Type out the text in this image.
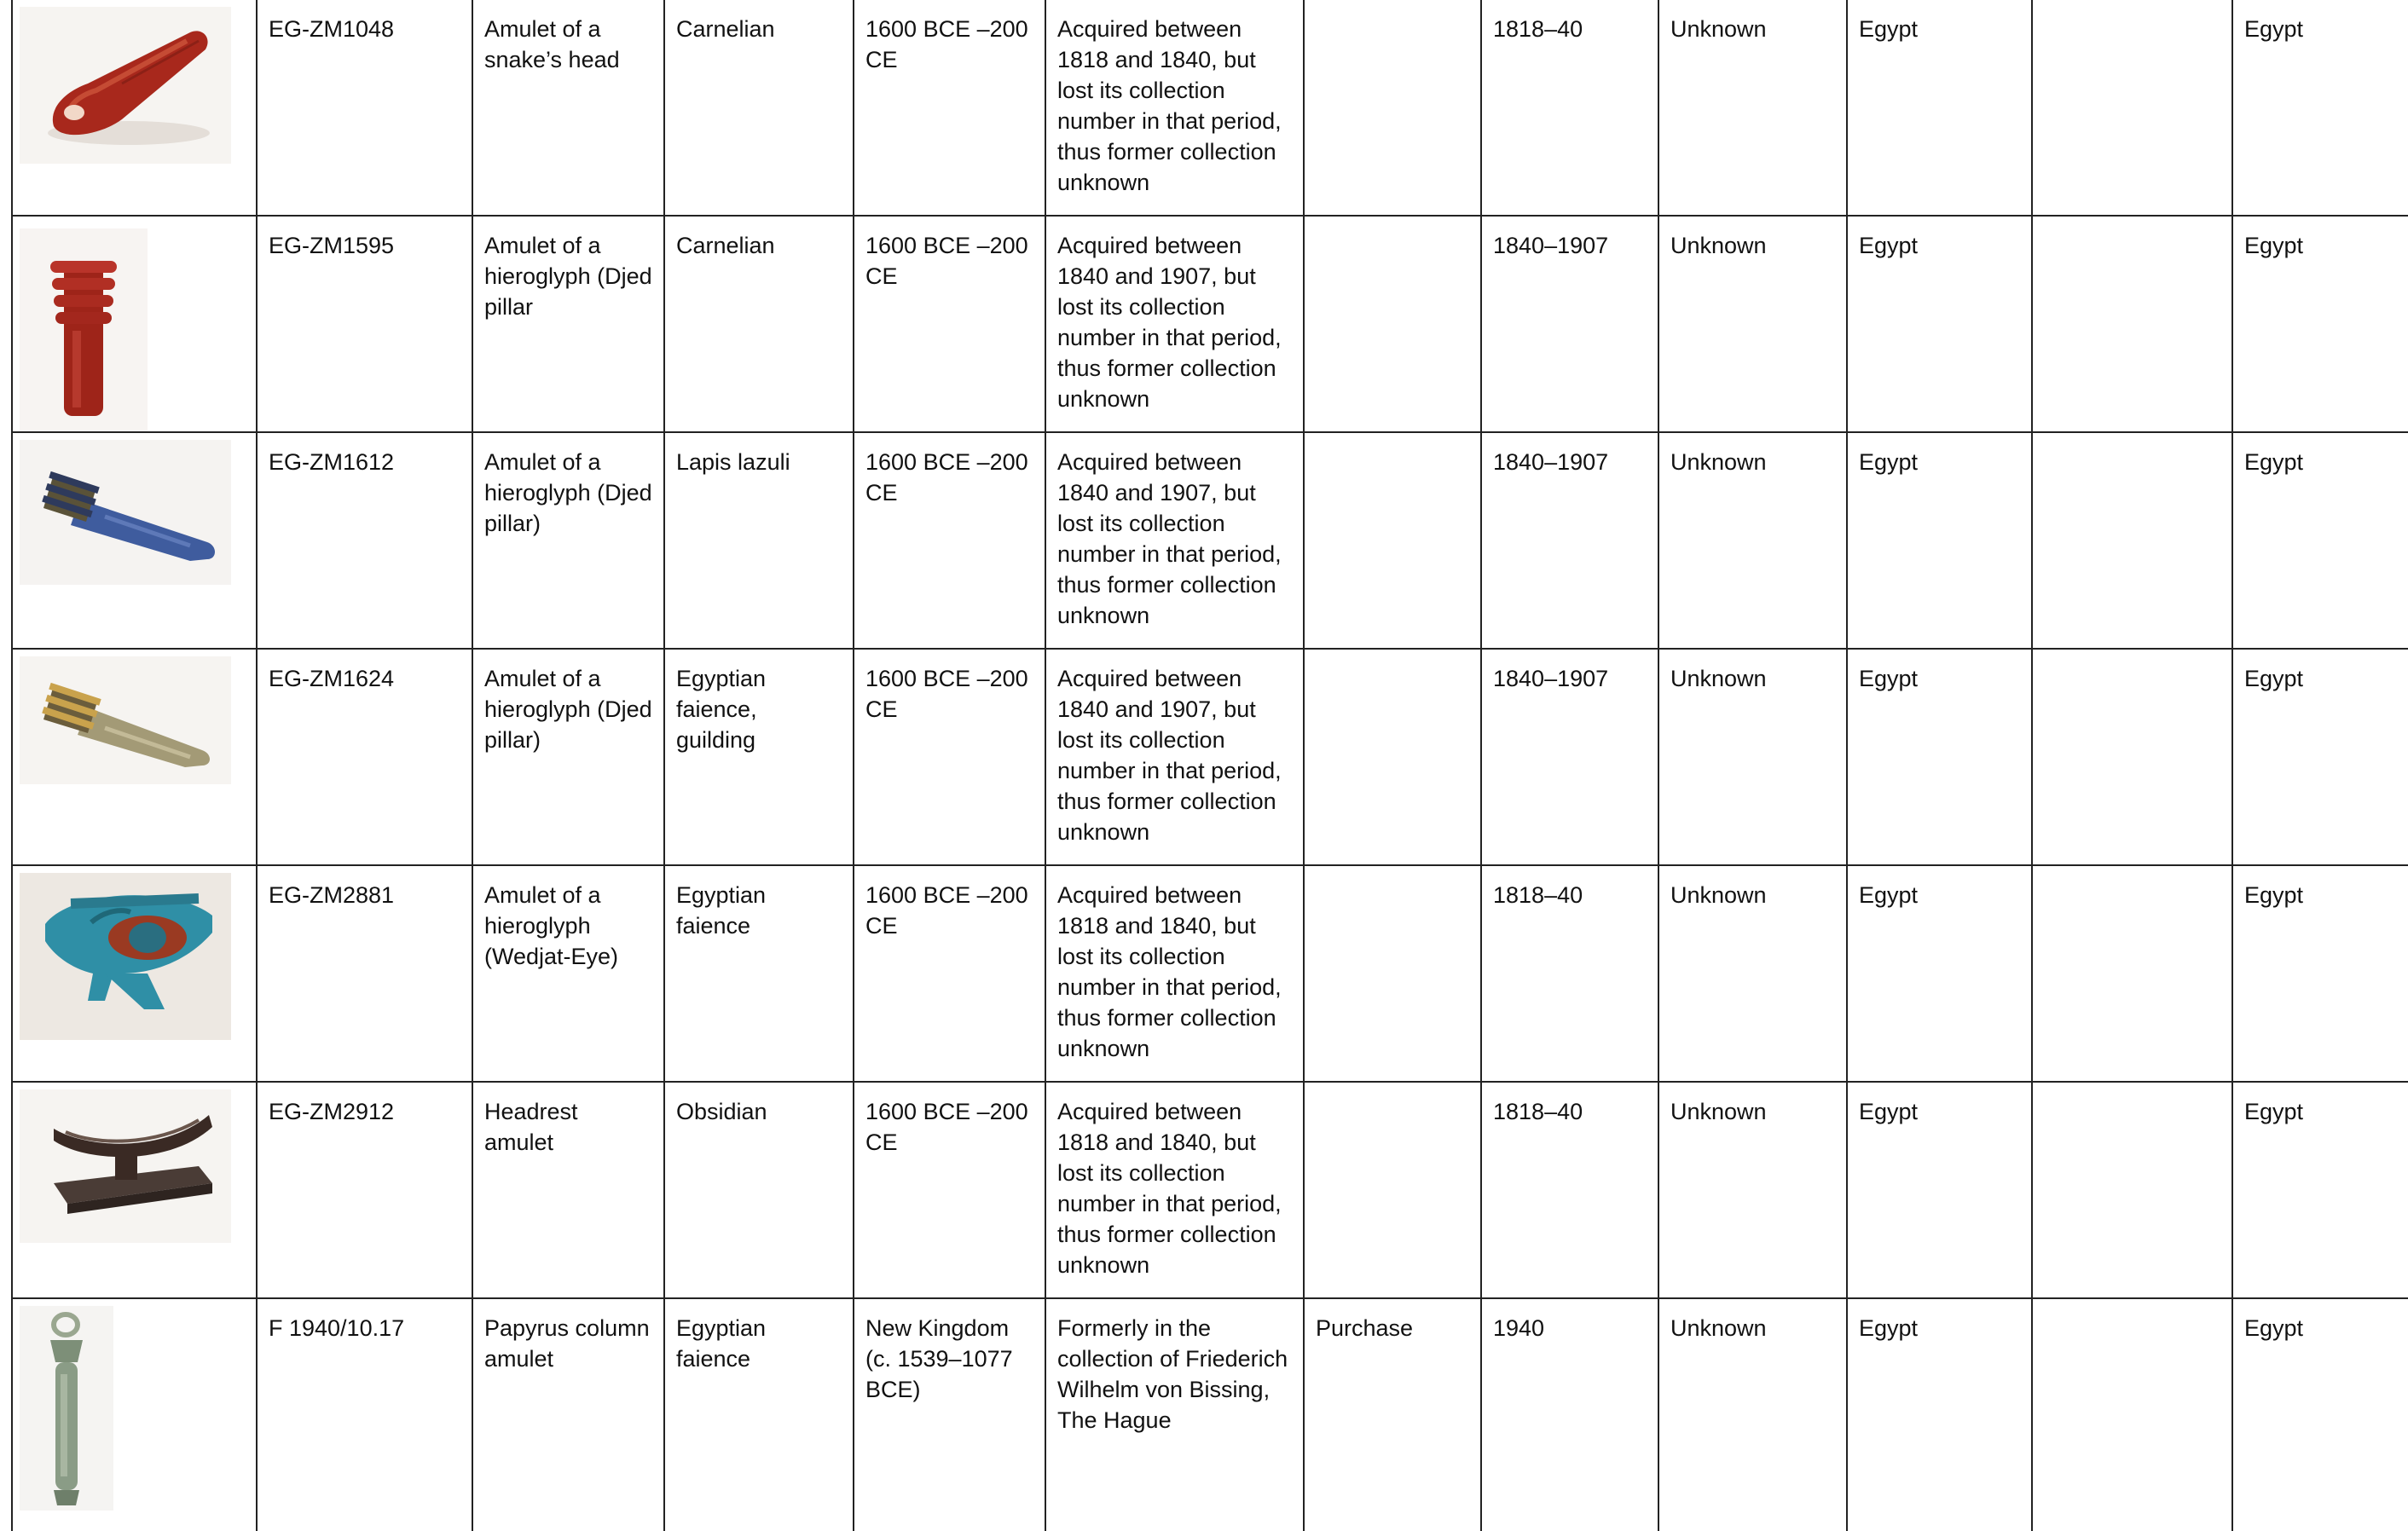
	EG-ZM1048	Amulet of a snake’s head	Carnelian	1600 BCE –200 CE	Acquired between 1818 and 1840, but lost its collection number in that period, thus former collection unknown		1818–40	Unknown	Egypt		Egypt

	EG-ZM1595	Amulet of a hieroglyph (Djed pillar	Carnelian	1600 BCE –200 CE	Acquired between 1840 and 1907, but lost its collection number in that period, thus former collection unknown		1840–1907	Unknown	Egypt		Egypt

	EG-ZM1612	Amulet of a hieroglyph (Djed pillar)	Lapis lazuli	1600 BCE –200 CE	Acquired between 1840 and 1907, but lost its collection number in that period, thus former collection unknown		1840–1907	Unknown	Egypt		Egypt

	EG-ZM1624	Amulet of a hieroglyph (Djed pillar)	Egyptian faience, guilding	1600 BCE –200 CE	Acquired between 1840 and 1907, but lost its collection number in that period, thus former collection unknown		1840–1907	Unknown	Egypt		Egypt

	EG-ZM2881	Amulet of a hieroglyph (Wedjat-Eye)	Egyptian faience	1600 BCE –200 CE	Acquired between 1818 and 1840, but lost its collection number in that period, thus former collection unknown		1818–40	Unknown	Egypt		Egypt

	EG-ZM2912	Headrest amulet	Obsidian	1600 BCE –200 CE	Acquired between 1818 and 1840, but lost its collection number in that period, thus former collection unknown		1818–40	Unknown	Egypt		Egypt

	F 1940/10.17	Papyrus column amulet	Egyptian faience	New Kingdom (c. 1539–1077 BCE)	Formerly in the collection of Friederich Wilhelm von Bissing, The Hague	Purchase	1940	Unknown	Egypt		Egypt
